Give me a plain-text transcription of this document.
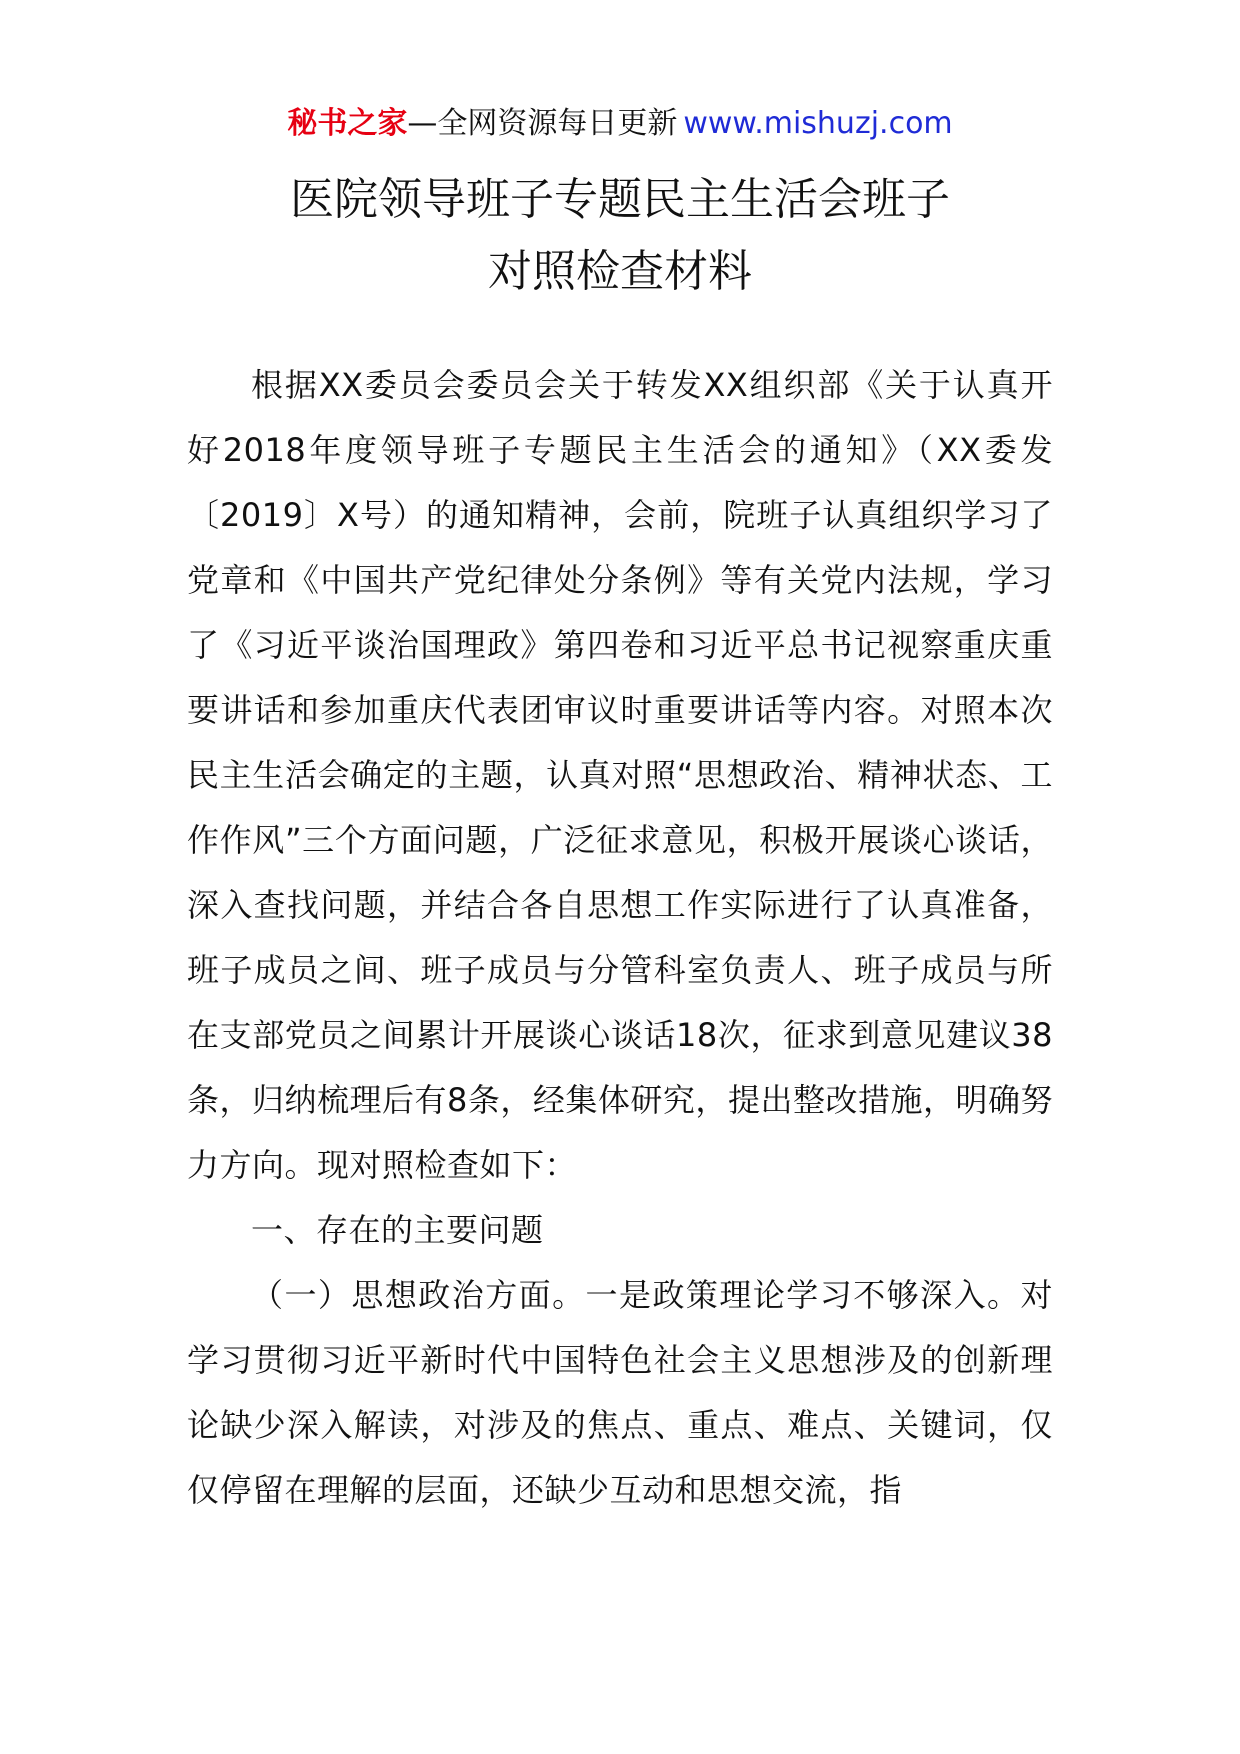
秘书之家—全网资源每日更新 www.mishuzj.com
医院领导班子专题民主生活会班子
对照检查材料

根据XX委员会委员会关于转发XX组织部《关于认真开好2018年度领导班子专题民主生活会的通知》（XX委发〔2019〕X号）的通知精神，会前，院班子认真组织学习了党章和《中国共产党纪律处分条例》等有关党内法规，学习了《习近平谈治国理政》第四卷和习近平总书记视察重庆重要讲话和参加重庆代表团审议时重要讲话等内容。对照本次民主生活会确定的主题，认真对照“思想政治、精神状态、工作作风”三个方面问题，广泛征求意见，积极开展谈心谈话，深入查找问题，并结合各自思想工作实际进行了认真准备，班子成员之间、班子成员与分管科室负责人、班子成员与所在支部党员之间累计开展谈心谈话18次，征求到意见建议38条，归纳梳理后有8条，经集体研究，提出整改措施，明确努力方向。现对照检查如下：

一、存在的主要问题

（一）思想政治方面。一是政策理论学习不够深入。对学习贯彻习近平新时代中国特色社会主义思想涉及的创新理论缺少深入解读，对涉及的焦点、重点、难点、关键词，仅仅停留在理解的层面，还缺少互动和思想交流，指
